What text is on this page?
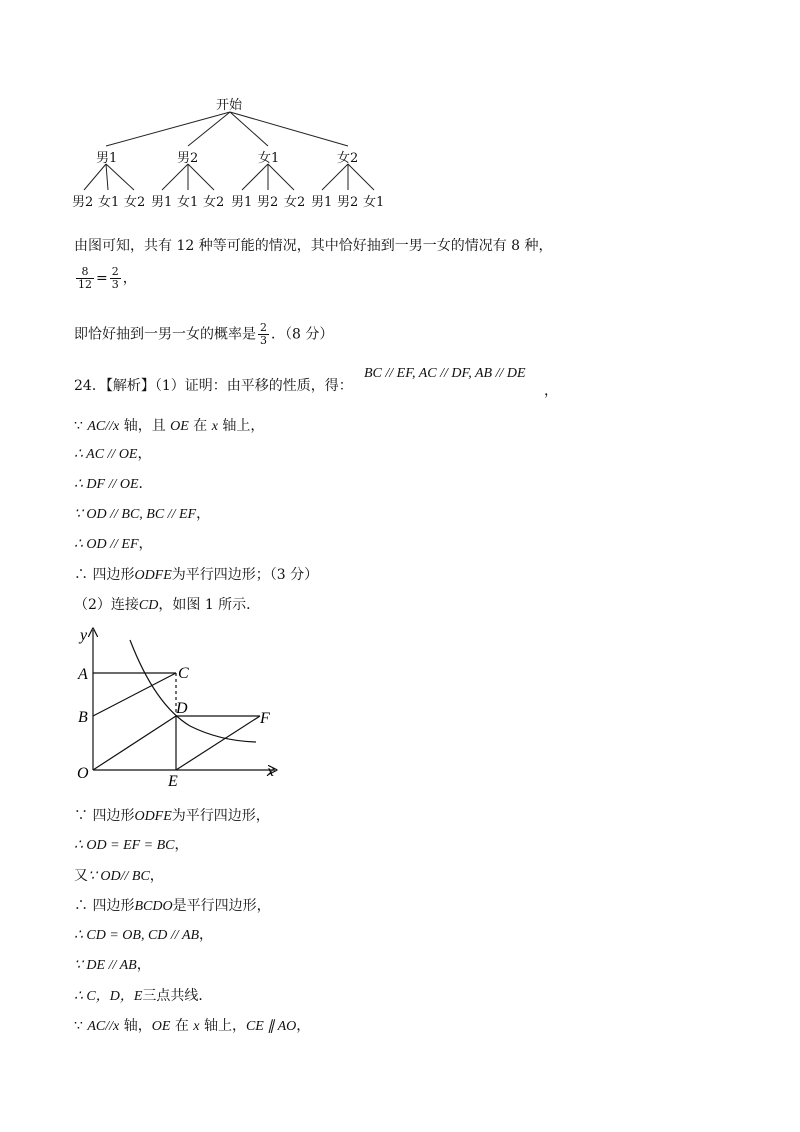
开始
男1	男2	女1	女2
男2 女1 女2 男1 女1 女2 男1 男2 女2 男1 男2 女1
由图可知，共有 12 种等可能的情况，其中恰好抽到一男一女的情况有 8 种，
$\frac{8}{12} = \frac{2}{3}$ ，
即恰好抽到一男一女的概率是 $\frac{2}{3}$ ．（8 分）
24．【解析】（1）证明：由平移的性质，得：
BC // EF, AC // DF, AB // DE
，
∵ AC//x 轴，且 OE 在 x 轴上，
∴ AC // OE，
∴ DF // OE．
∵ OD // BC, BC // EF，
∴ OD // EF，
∴ 四边形ODFE为平行四边形；（3 分）
（2）连接CD，如图 1 所示．
y
x
O
A
B
C
D
E
F
∵ 四边形ODFE为平行四边形，
∴ OD = EF = BC，
又∵ OD// BC，
∴ 四边形BCDO是平行四边形，
∴ CD = OB, CD // AB，
∵ DE // AB，
∴ C，D，E三点共线．
∵ AC//x 轴，OE 在 x 轴上，CE ∥ AO，
